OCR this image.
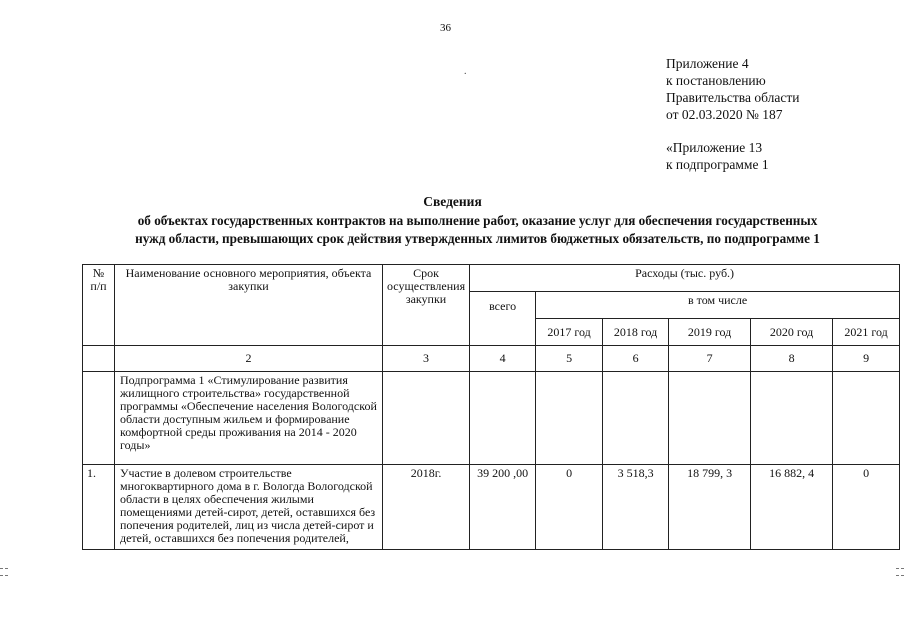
36
.
Приложение 4
к постановлению
Правительства области
от 02.03.2020 № 187
«Приложение 13
к подпрограмме 1
Сведения
об объектах государственных контрактов на выполнение работ, оказание услуг для обеспечения государственных
нужд области, превышающих срок действия утвержденных лимитов бюджетных обязательств, по подпрограмме 1
№ п/п	Наименование основного мероприятия, объекта закупки	Срок осуществления закупки	Расходы (тыс. руб.)					
			всего	в том числе				
				2017 год	2018 год	2019 год	2020 год	2021 год
	2	3	4	5	6	7	8	9
	Подпрограмма 1 «Стимулирование развития жилищного строительства» государственной программы «Обеспечение населения Вологодской области доступным жильем и формирование комфортной среды проживания на 2014 - 2020 годы»							
1.	Участие в долевом строительстве многоквартирного дома в г. Вологда Вологодской области в целях обеспечения жилыми помещениями детей-сирот, детей, оставшихся без попечения родителей, лиц из числа детей-сирот и детей, оставшихся без попечения родителей,	2018г.	39 200 ,00	0	3 518,3	18 799, 3	16 882, 4	0
